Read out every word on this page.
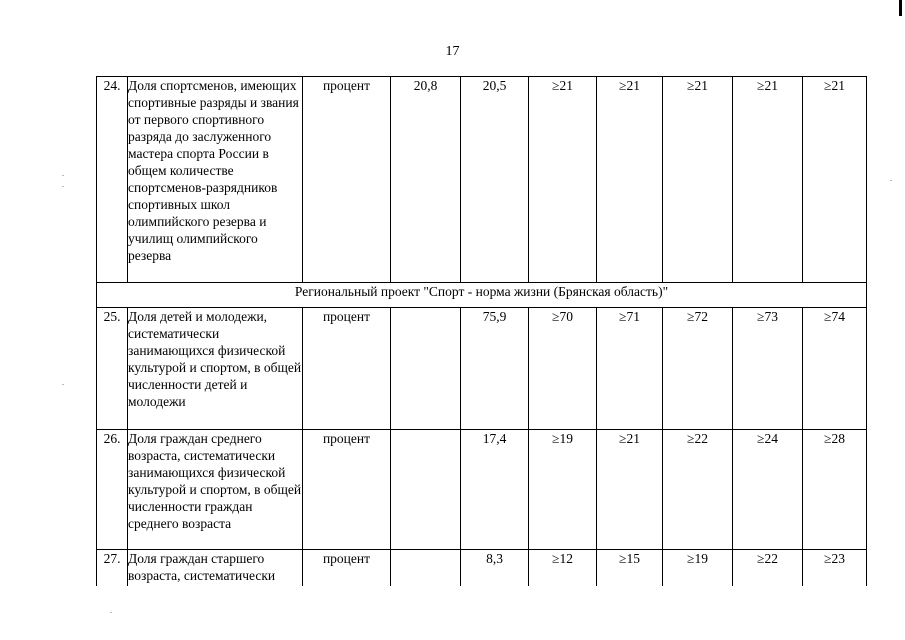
17
24.	Доля спортсменов, имеющих спортивные разряды и звания от первого спортивного разряда до заслуженного мастера спорта России в общем количестве спортсменов-разрядников спортивных школ олимпийского резерва и училищ олимпийского резерва	процент	20,8	20,5	≥21	≥21	≥21	≥21	≥21
Региональный проект "Спорт - норма жизни (Брянская область)"									
25.	Доля детей и молодежи, систематически занимающихся физической культурой и спортом, в общей численности детей и молодежи	процент		75,9	≥70	≥71	≥72	≥73	≥74
26.	Доля граждан среднего возраста, систематически занимающихся физической культурой и спортом, в общей численности граждан среднего возраста	процент		17,4	≥19	≥21	≥22	≥24	≥28
27.	Доля граждан старшего возраста, систематически	процент		8,3	≥12	≥15	≥19	≥22	≥23
